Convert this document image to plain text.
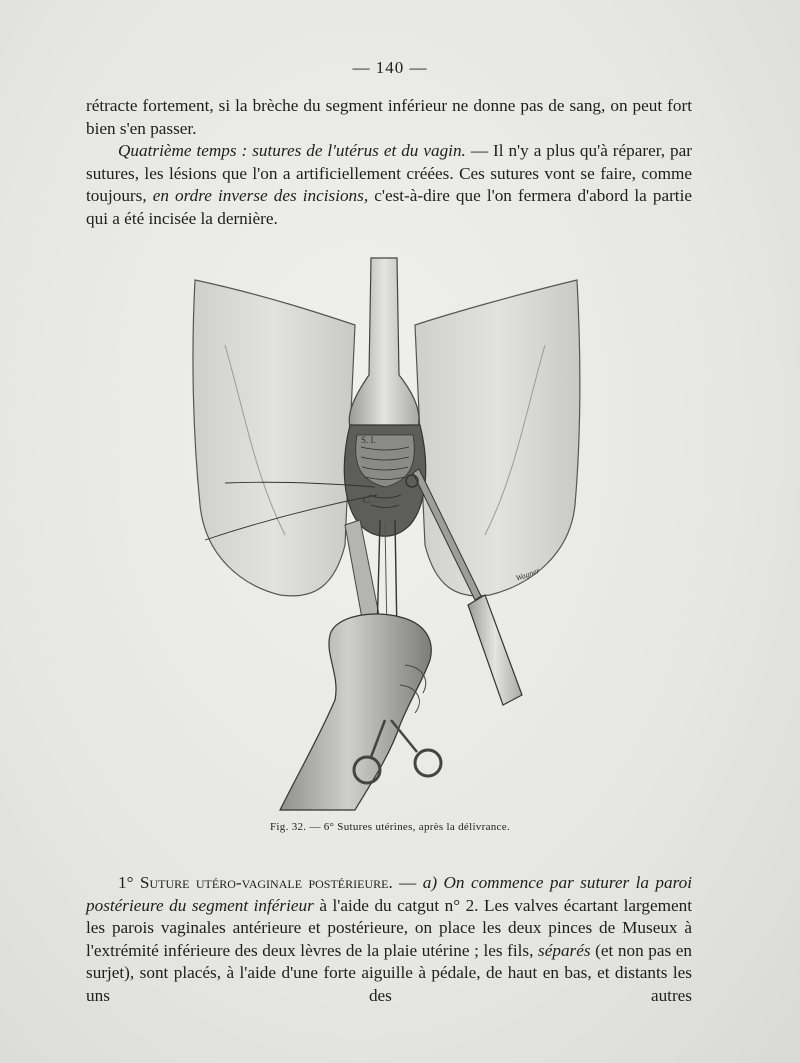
— 140 —

rétracte fortement, si la brèche du segment inférieur ne donne pas de sang, on peut fort bien s'en passer.

Quatrième temps : sutures de l'utérus et du vagin. — Il n'y a plus qu'à réparer, par sutures, les lésions que l'on a artificiellement créées. Ces sutures vont se faire, comme toujours, en ordre inverse des incisions, c'est-à-dire que l'on fermera d'abord la partie qui a été incisée la dernière.

S. I.
C.
Wagner
Fig. 32. — 6° Sutures utérines, après la délivrance.

1° Suture utéro-vaginale postérieure. — a) On commence par suturer la paroi postérieure du segment inférieur à l'aide du catgut n° 2. Les valves écartant largement les parois vaginales antérieure et postérieure, on place les deux pinces de Museux à l'extrémité inférieure des deux lèvres de la plaie utérine ; les fils, séparés (et non pas en surjet), sont placés, à l'aide d'une forte aiguille à pédale, de haut en bas, et distants les uns des autres
